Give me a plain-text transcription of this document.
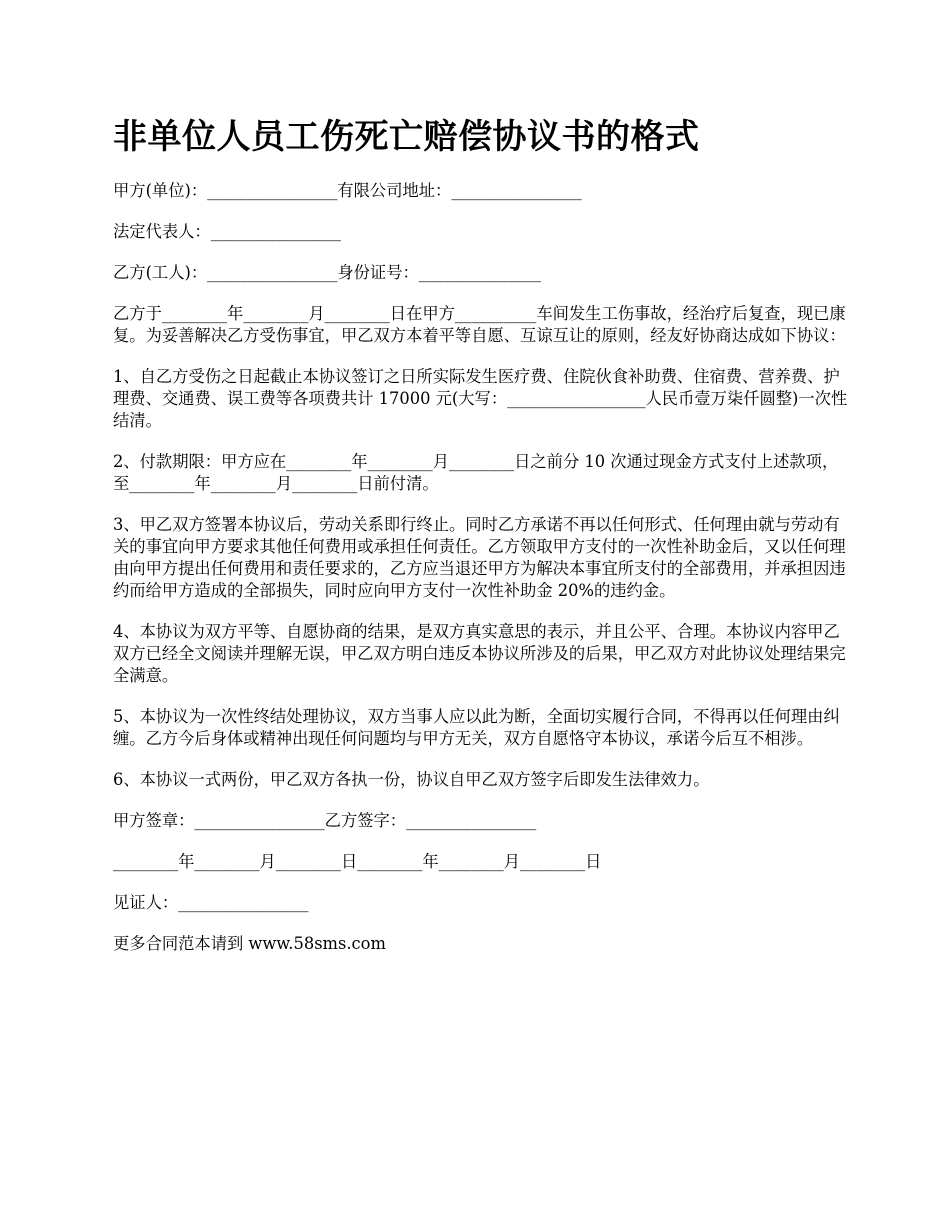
非单位人员工伤死亡赔偿协议书的格式

甲方(单位)：________________有限公司地址：________________

法定代表人：________________

乙方(工人)：________________身份证号：_______________

乙方于________年________月________日在甲方__________车间发生工伤事故，经治疗后复查，现已康复。为妥善解决乙方受伤事宜，甲乙双方本着平等自愿、互谅互让的原则，经友好协商达成如下协议：

1、自乙方受伤之日起截止本协议签订之日所实际发生医疗费、住院伙食补助费、住宿费、营养费、护理费、交通费、误工费等各项费共计 17000 元(大写：_________________人民币壹万柒仟圆整)一次性结清。

2、付款期限：甲方应在________年________月________日之前分 10 次通过现金方式支付上述款项，至________年________月________日前付清。

3、甲乙双方签署本协议后，劳动关系即行终止。同时乙方承诺不再以任何形式、任何理由就与劳动有关的事宜向甲方要求其他任何费用或承担任何责任。乙方领取甲方支付的一次性补助金后，又以任何理由向甲方提出任何费用和责任要求的，乙方应当退还甲方为解决本事宜所支付的全部费用，并承担因违约而给甲方造成的全部损失，同时应向甲方支付一次性补助金 20%的违约金。

4、本协议为双方平等、自愿协商的结果，是双方真实意思的表示，并且公平、合理。本协议内容甲乙双方已经全文阅读并理解无误，甲乙双方明白违反本协议所涉及的后果，甲乙双方对此协议处理结果完全满意。

5、本协议为一次性终结处理协议，双方当事人应以此为断，全面切实履行合同，不得再以任何理由纠缠。乙方今后身体或精神出现任何问题均与甲方无关，双方自愿恪守本协议，承诺今后互不相涉。

6、本协议一式两份，甲乙双方各执一份，协议自甲乙双方签字后即发生法律效力。

甲方签章：________________乙方签字：________________

________年________月________日________年________月________日

见证人：________________

更多合同范本请到 www.58sms.com
